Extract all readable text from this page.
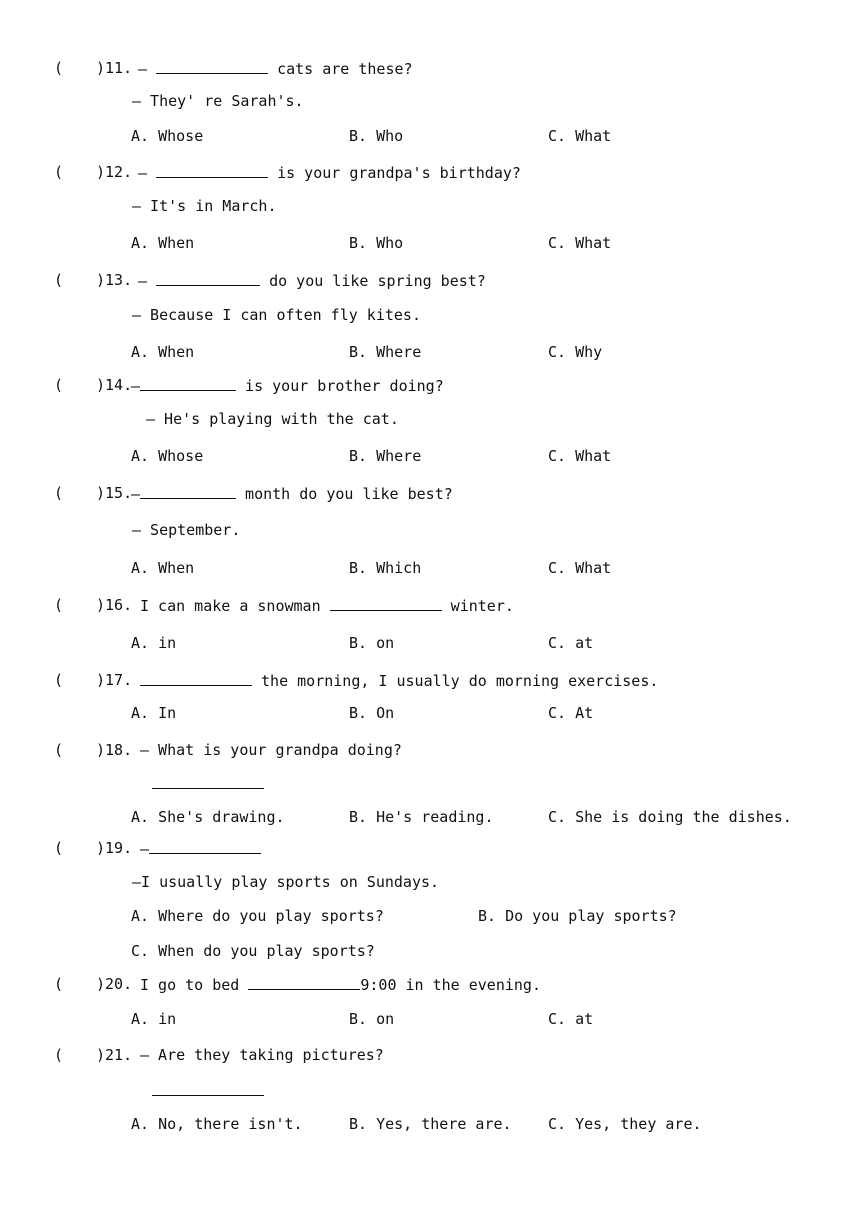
( )11. —	cats are these?
— They' re Sarah's.
A. Whose	B. Who	C. What
( )12. —	is your grandpa's birthday?
— It's in March.
A. When	B. Who	C. What
( )13. —	do you like spring best?
— Because I can often fly kites.
A. When	B. Where	C. Why
( )14.
—	is your brother doing?
— He's playing with the cat.
A. Whose	B. Where	C. What
( )15.
—	month do you like best?
— September.
A. When	B. Which	C. What
( )16. I can make a snowman	winter.
A. in	B. on	C. at
( )17.	the morning, I usually do morning exercises.
A. In	B. On	C. At
( )18. — What is your grandpa doing?
A. She's drawing.	B. He's reading.	C. She is doing the dishes.
( )19. —
—I usually play sports on Sundays.
A. Where do you play sports?	B. Do you play sports?
C. When do you play sports?
( )20. I go to bed	9:00 in the evening.
A. in	B. on	C. at
( )21. — Are they taking pictures?
A. No, there isn't.	B. Yes, there are. C. Yes, they are.
